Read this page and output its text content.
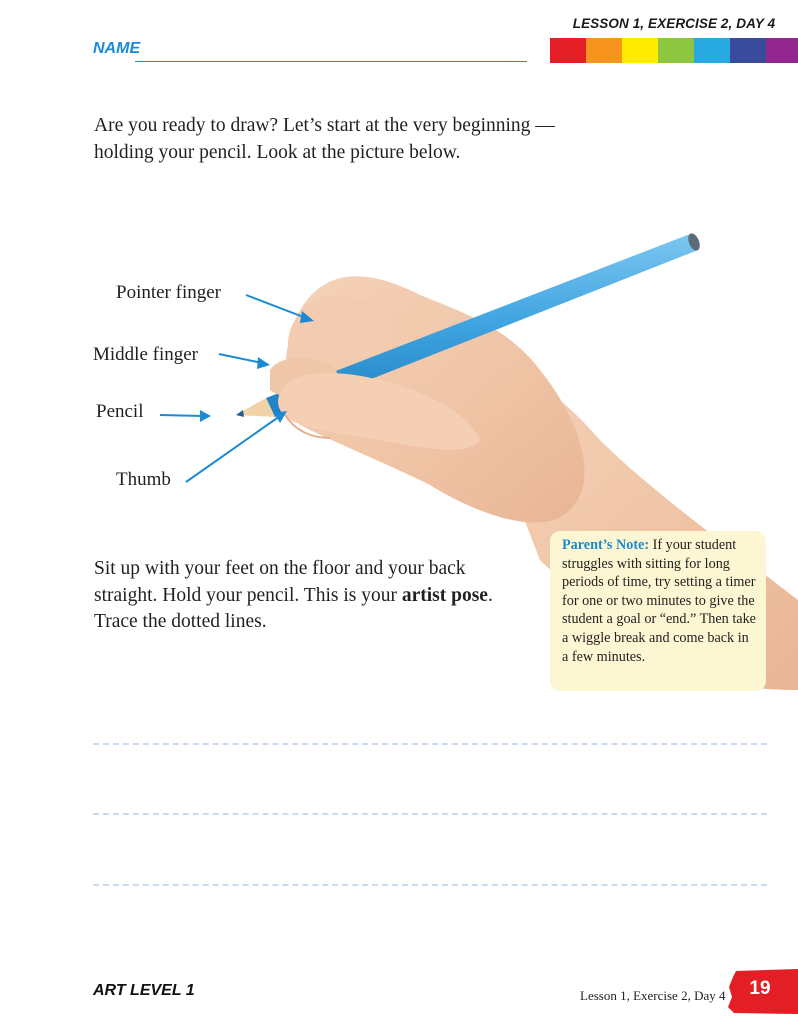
LESSON 1, EXERCISE 2, DAY 4
NAME

Are you ready to draw? Let’s start at the very beginning —

holding your pencil. Look at the picture below.

Pointer finger
Middle finger
Pencil
Thumb

Sit up with your feet on the floor and your back

straight. Hold your pencil. This is your artist pose.

Trace the dotted lines.

Parent’s Note: If your student struggles with sitting for long periods of time, try setting a timer for one or two minutes to give the student a goal or “end.” Then take a wiggle break and come back in a few minutes.
ART LEVEL 1	Lesson 1, Exercise 2, Day 4	19
